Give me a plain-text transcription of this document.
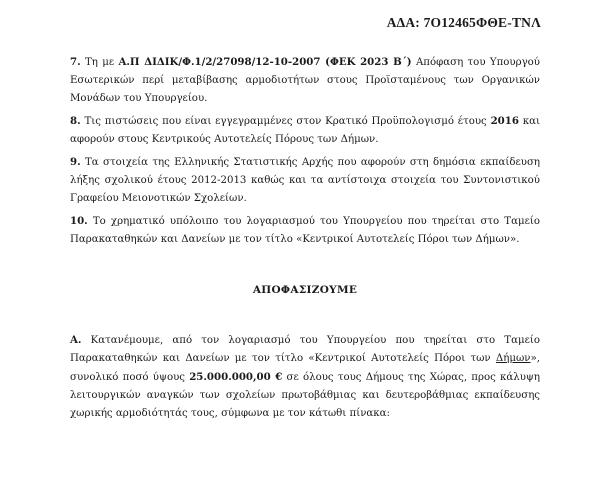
ΑΔΑ: 7Ο12465ΦΘΕ-ΤΝΛ

7. Τη με Α.Π ΔΙΔΙΚ/Φ.1/2/27098/12-10-2007 (ΦΕΚ 2023 Β΄) Απόφαση του Υπουργού Εσωτερικών περί μεταβίβασης αρμοδιοτήτων στους Προϊσταμένους των Οργανικών Μονάδων του Υπουργείου.

8. Τις πιστώσεις που είναι εγγεγραμμένες στον Κρατικό Προϋπολογισμό έτους 2016 και αφορούν στους Κεντρικούς Αυτοτελείς Πόρους των Δήμων.

9. Τα στοιχεία της Ελληνικής Στατιστικής Αρχής που αφορούν στη δημόσια εκπαίδευση λήξης σχολικού έτους 2012-2013 καθώς και τα αντίστοιχα στοιχεία του Συντονιστικού Γραφείου Μειονοτικών Σχολείων.

10. Το χρηματικό υπόλοιπο του λογαριασμού του Υπουργείου που τηρείται στο Ταμείο Παρακαταθηκών και Δανείων με τον τίτλο «Κεντρικοί Αυτοτελείς Πόροι των Δήμων».

ΑΠΟΦΑΣΙΖΟΥΜΕ

Α. Κατανέμουμε, από τον λογαριασμό του Υπουργείου που τηρείται στο Ταμείο Παρακαταθηκών και Δανείων με τον τίτλο «Κεντρικοί Αυτοτελείς Πόροι των Δήμων», συνολικό ποσό ύψους 25.000.000,00 € σε όλους τους Δήμους της Χώρας, προς κάλυψη λειτουργικών αναγκών των σχολείων πρωτοβάθμιας και δευτεροβάθμιας εκπαίδευσης χωρικής αρμοδιότητάς τους, σύμφωνα με τον κάτωθι πίνακα:
